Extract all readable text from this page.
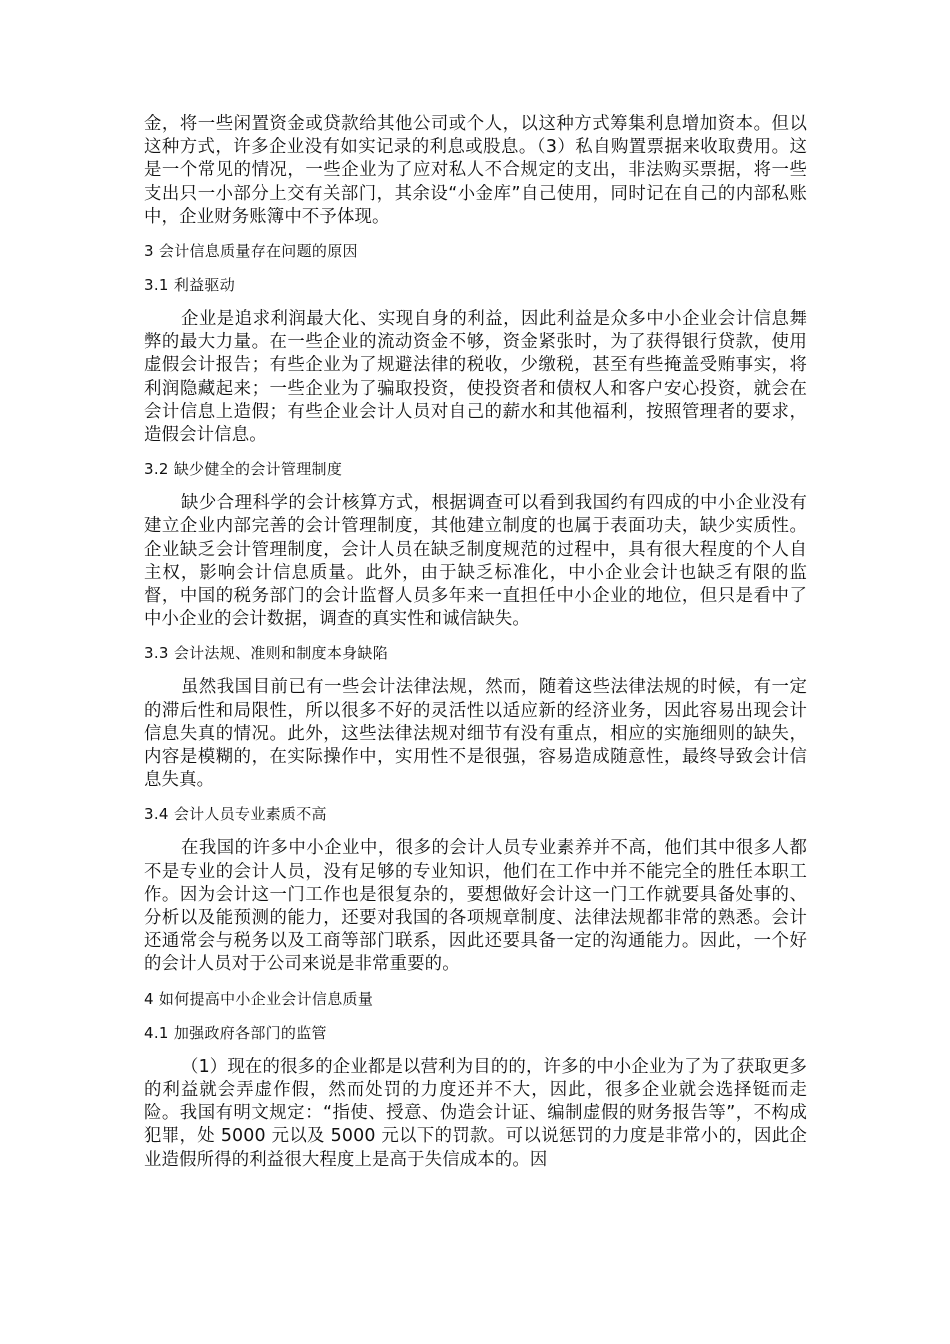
金，将一些闲置资金或贷款给其他公司或个人，以这种方式筹集利息增加资本。但以这种方式，许多企业没有如实记录的利息或股息。（3）私自购置票据来收取费用。这是一个常见的情况，一些企业为了应对私人不合规定的支出，非法购买票据，将一些支出只一小部分上交有关部门，其余设“小金库”自己使用，同时记在自己的内部私账中，企业财务账簿中不予体现。

3 会计信息质量存在问题的原因

3.1 利益驱动

企业是追求利润最大化、实现自身的利益，因此利益是众多中小企业会计信息舞弊的最大力量。在一些企业的流动资金不够，资金紧张时，为了获得银行贷款，使用虚假会计报告；有些企业为了规避法律的税收，少缴税，甚至有些掩盖受贿事实，将利润隐藏起来；一些企业为了骗取投资，使投资者和债权人和客户安心投资，就会在会计信息上造假；有些企业会计人员对自己的薪水和其他福利，按照管理者的要求，造假会计信息。

3.2 缺少健全的会计管理制度

缺少合理科学的会计核算方式，根据调查可以看到我国约有四成的中小企业没有建立企业内部完善的会计管理制度，其他建立制度的也属于表面功夫，缺少实质性。企业缺乏会计管理制度，会计人员在缺乏制度规范的过程中，具有很大程度的个人自主权，影响会计信息质量。此外，由于缺乏标准化，中小企业会计也缺乏有限的监督，中国的税务部门的会计监督人员多年来一直担任中小企业的地位，但只是看中了中小企业的会计数据，调查的真实性和诚信缺失。

3.3 会计法规、准则和制度本身缺陷

虽然我国目前已有一些会计法律法规，然而，随着这些法律法规的时候，有一定的滞后性和局限性，所以很多不好的灵活性以适应新的经济业务，因此容易出现会计信息失真的情况。此外，这些法律法规对细节有没有重点，相应的实施细则的缺失，内容是模糊的，在实际操作中，实用性不是很强，容易造成随意性，最终导致会计信息失真。

3.4 会计人员专业素质不高

在我国的许多中小企业中，很多的会计人员专业素养并不高，他们其中很多人都不是专业的会计人员，没有足够的专业知识，他们在工作中并不能完全的胜任本职工作。因为会计这一门工作也是很复杂的，要想做好会计这一门工作就要具备处事的、分析以及能预测的能力，还要对我国的各项规章制度、法律法规都非常的熟悉。会计还通常会与税务以及工商等部门联系，因此还要具备一定的沟通能力。因此，一个好的会计人员对于公司来说是非常重要的。

4 如何提高中小企业会计信息质量

4.1 加强政府各部门的监管

（1）现在的很多的企业都是以营利为目的的，许多的中小企业为了为了获取更多的利益就会弄虚作假，然而处罚的力度还并不大，因此，很多企业就会选择铤而走险。我国有明文规定：“指使、授意、伪造会计证、编制虚假的财务报告等”，不构成犯罪，处 5000 元以及 5000 元以下的罚款。可以说惩罚的力度是非常小的，因此企业造假所得的利益很大程度上是高于失信成本的。因
